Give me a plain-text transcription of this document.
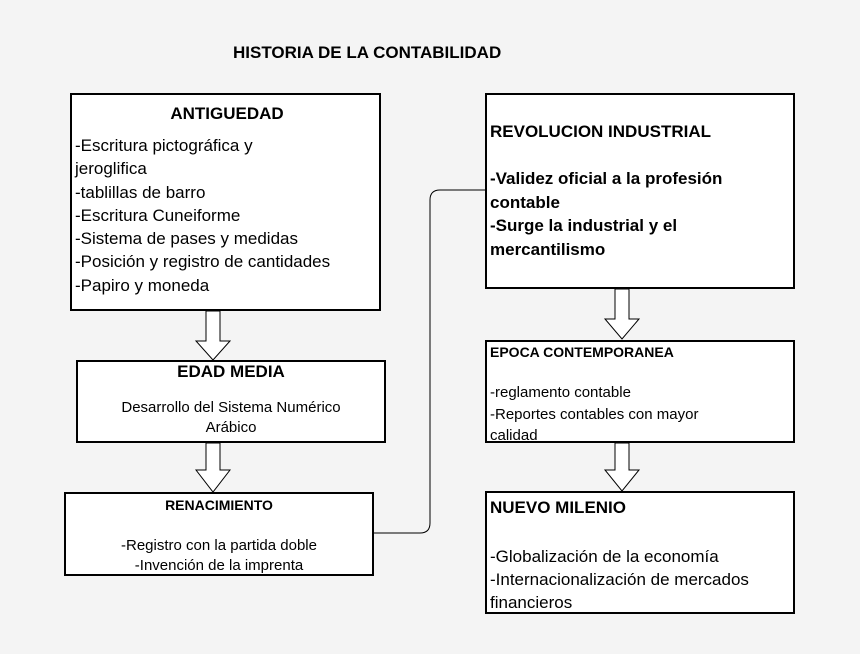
HISTORIA DE LA CONTABILIDAD
ANTIGUEDAD
-Escritura pictográfica y
jeroglifica
-tablillas de barro
-Escritura Cuneiforme
-Sistema de pases y medidas
-Posición y registro de cantidades
-Papiro y moneda
EDAD MEDIA
Desarrollo del Sistema Numérico
Arábico
RENACIMIENTO
-Registro con la partida doble
-Invención de la imprenta
REVOLUCION INDUSTRIAL
-Validez oficial a la profesión
contable
-Surge la industrial y el
mercantilismo
EPOCA CONTEMPORANEA
-reglamento contable
-Reportes contables con mayor
calidad
NUEVO MILENIO
-Globalización de la economía
-Internacionalización de mercados
financieros
